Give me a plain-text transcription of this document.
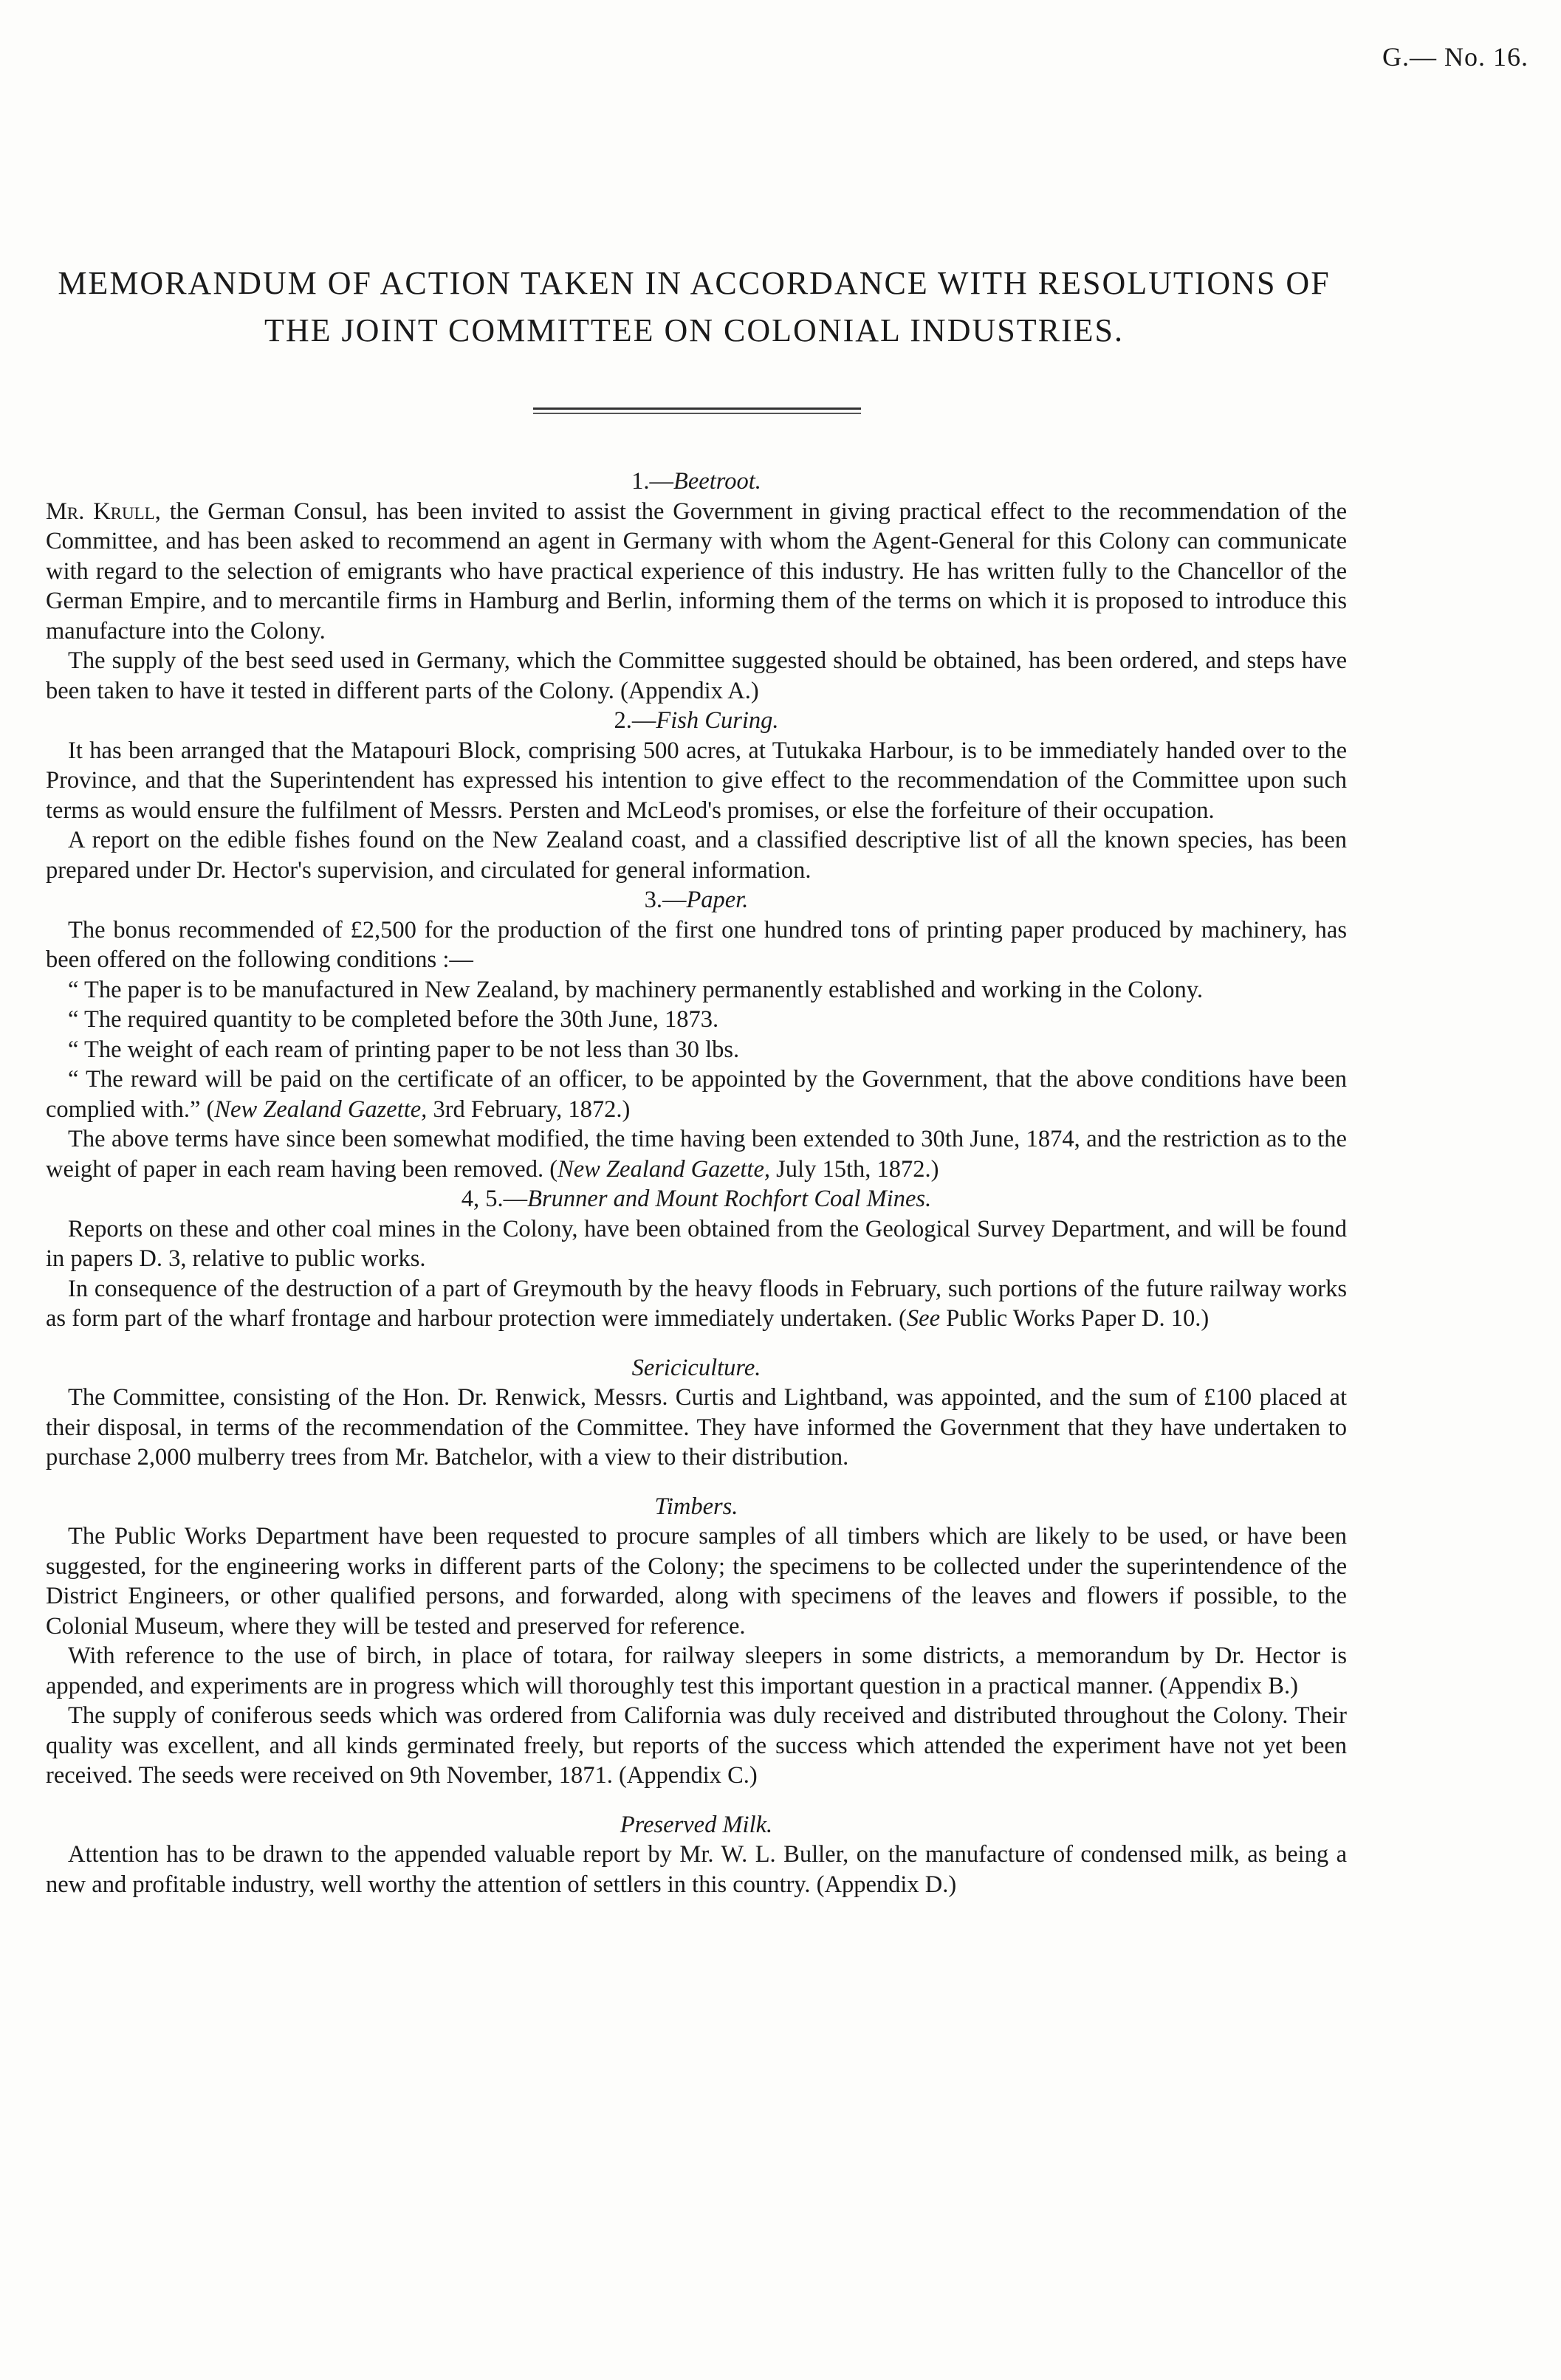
G.— No. 16.
MEMORANDUM OF ACTION TAKEN IN ACCORDANCE WITH RESOLUTIONS OF THE JOINT COMMITTEE ON COLONIAL INDUSTRIES.
1.—Beetroot.

Mr. Krull, the German Consul, has been invited to assist the Government in giving practical effect to the recommendation of the Committee, and has been asked to recommend an agent in Germany with whom the Agent-General for this Colony can communicate with regard to the selection of emigrants who have practical experience of this industry. He has written fully to the Chancellor of the German Empire, and to mercantile firms in Hamburg and Berlin, informing them of the terms on which it is proposed to introduce this manufacture into the Colony.

The supply of the best seed used in Germany, which the Committee suggested should be obtained, has been ordered, and steps have been taken to have it tested in different parts of the Colony. (Appendix A.)

2.—Fish Curing.

It has been arranged that the Matapouri Block, comprising 500 acres, at Tutukaka Harbour, is to be immediately handed over to the Province, and that the Superintendent has expressed his intention to give effect to the recommendation of the Committee upon such terms as would ensure the fulfilment of Messrs. Persten and McLeod's promises, or else the forfeiture of their occupation.

A report on the edible fishes found on the New Zealand coast, and a classified descriptive list of all the known species, has been prepared under Dr. Hector's supervision, and circulated for general information.

3.—Paper.

The bonus recommended of £2,500 for the production of the first one hundred tons of printing paper produced by machinery, has been offered on the following conditions :—

“ The paper is to be manufactured in New Zealand, by machinery permanently established and working in the Colony.

“ The required quantity to be completed before the 30th June, 1873.

“ The weight of each ream of printing paper to be not less than 30 lbs.

“ The reward will be paid on the certificate of an officer, to be appointed by the Government, that the above conditions have been complied with.” (New Zealand Gazette, 3rd February, 1872.)

The above terms have since been somewhat modified, the time having been extended to 30th June, 1874, and the restriction as to the weight of paper in each ream having been removed. (New Zealand Gazette, July 15th, 1872.)

4, 5.—Brunner and Mount Rochfort Coal Mines.

Reports on these and other coal mines in the Colony, have been obtained from the Geological Survey Department, and will be found in papers D. 3, relative to public works.

In consequence of the destruction of a part of Greymouth by the heavy floods in February, such portions of the future railway works as form part of the wharf frontage and harbour protection were immediately undertaken. (See Public Works Paper D. 10.)

Sericiculture.

The Committee, consisting of the Hon. Dr. Renwick, Messrs. Curtis and Lightband, was appointed, and the sum of £100 placed at their disposal, in terms of the recommendation of the Committee. They have informed the Government that they have undertaken to purchase 2,000 mulberry trees from Mr. Batchelor, with a view to their distribution.

Timbers.

The Public Works Department have been requested to procure samples of all timbers which are likely to be used, or have been suggested, for the engineering works in different parts of the Colony; the specimens to be collected under the superintendence of the District Engineers, or other qualified persons, and forwarded, along with specimens of the leaves and flowers if possible, to the Colonial Museum, where they will be tested and preserved for reference.

With reference to the use of birch, in place of totara, for railway sleepers in some districts, a memorandum by Dr. Hector is appended, and experiments are in progress which will thoroughly test this important question in a practical manner. (Appendix B.)

The supply of coniferous seeds which was ordered from California was duly received and distributed throughout the Colony. Their quality was excellent, and all kinds germinated freely, but reports of the success which attended the experiment have not yet been received. The seeds were received on 9th November, 1871. (Appendix C.)

Preserved Milk.

Attention has to be drawn to the appended valuable report by Mr. W. L. Buller, on the manufacture of condensed milk, as being a new and profitable industry, well worthy the attention of settlers in this country. (Appendix D.)
